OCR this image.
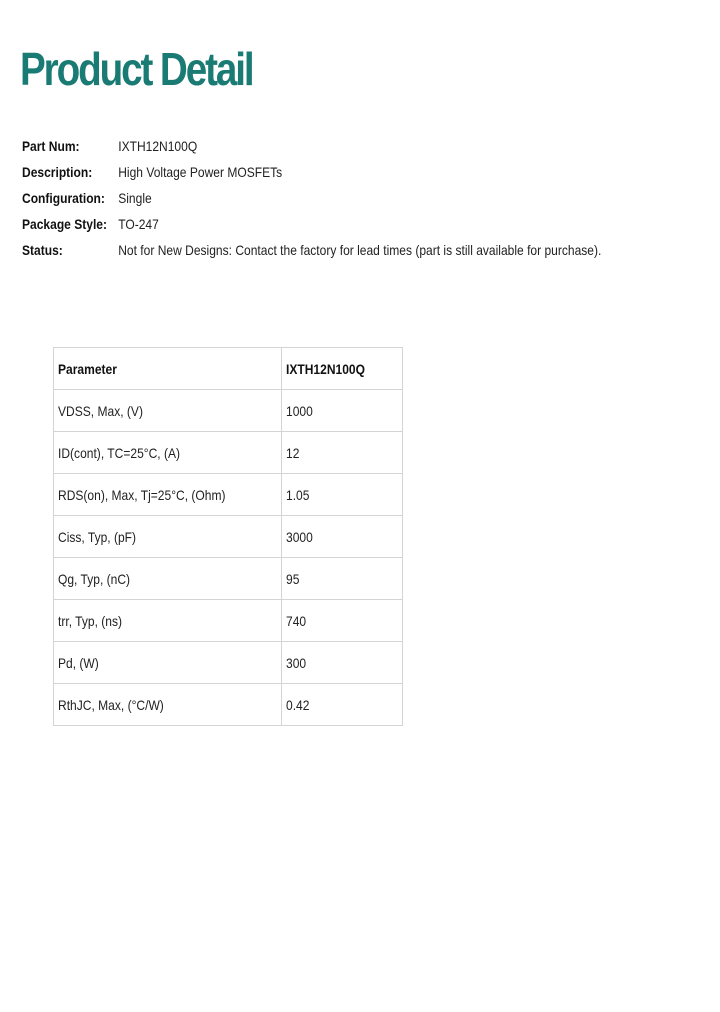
Product Detail
Part Num:	IXTH12N100Q
Description: High Voltage Power MOSFETs
Configuration: Single
Package Style: TO-247
Status:	Not for New Designs: Contact the factory for lead times (part is still available for purchase).
Parameter	IXTH12N100Q
VDSS, Max, (V)	1000
ID(cont), TC=25°C, (A)	12
RDS(on), Max, Tj=25°C, (Ohm)	1.05
Ciss, Typ, (pF)	3000
Qg, Typ, (nC)	95
trr, Typ, (ns)	740
Pd, (W)	300
RthJC, Max, (°C/W)	0.42
